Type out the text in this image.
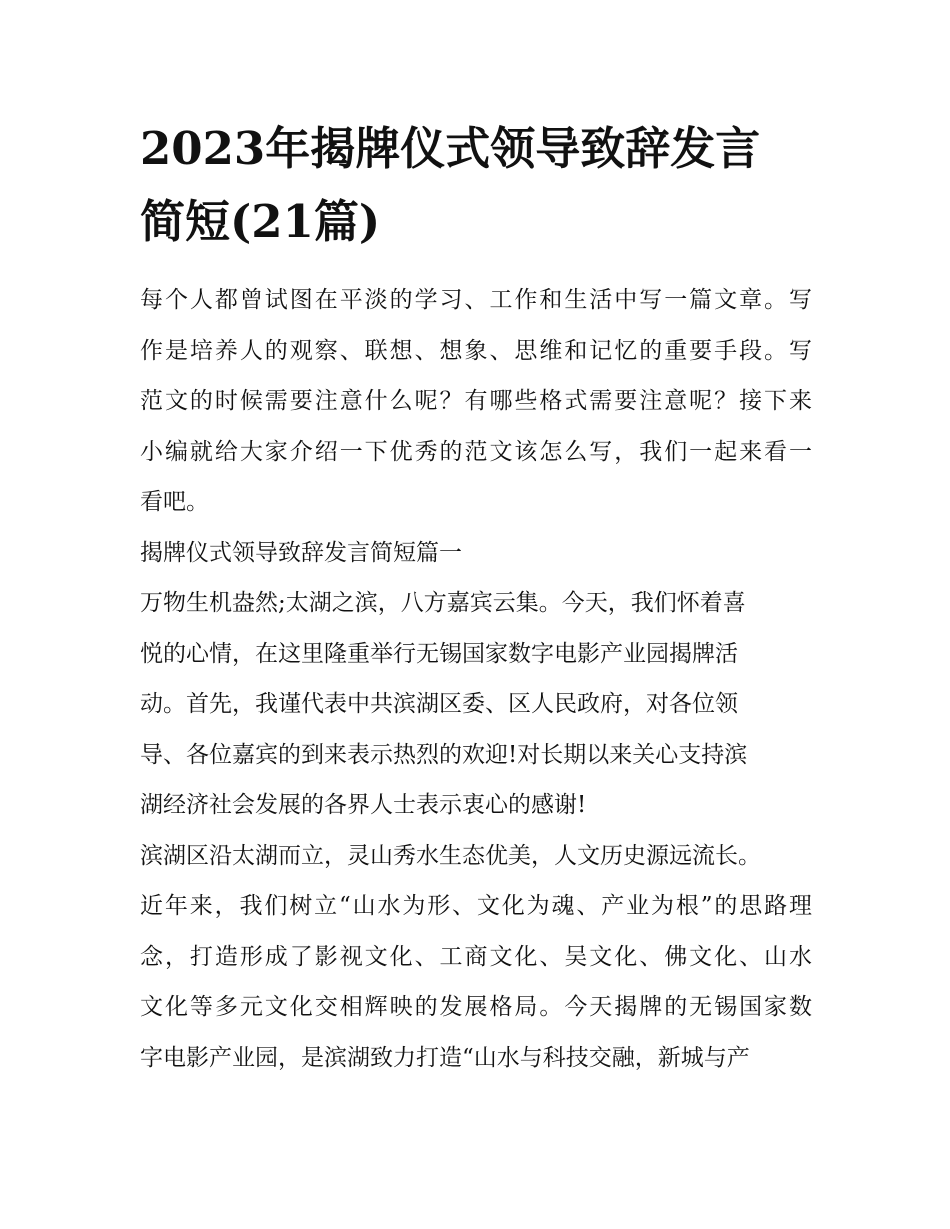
2023年揭牌仪式领导致辞发言
简短(21篇)

每个人都曾试图在平淡的学习、工作和生活中写一篇文章。写
作是培养人的观察、联想、想象、思维和记忆的重要手段。写
范文的时候需要注意什么呢？有哪些格式需要注意呢？接下来
小编就给大家介绍一下优秀的范文该怎么写，我们一起来看一
看吧。

揭牌仪式领导致辞发言简短篇一

万物生机盎然;太湖之滨，八方嘉宾云集。今天，我们怀着喜
悦的心情，在这里隆重举行无锡国家数字电影产业园揭牌活
动。首先，我谨代表中共滨湖区委、区人民政府，对各位领
导、各位嘉宾的到来表示热烈的欢迎!对长期以来关心支持滨
湖经济社会发展的各界人士表示衷心的感谢!

滨湖区沿太湖而立，灵山秀水生态优美，人文历史源远流长。
近年来，我们树立“山水为形、文化为魂、产业为根”的思路理
念，打造形成了影视文化、工商文化、吴文化、佛文化、山水
文化等多元文化交相辉映的发展格局。今天揭牌的无锡国家数
字电影产业园，是滨湖致力打造“山水与科技交融，新城与产
